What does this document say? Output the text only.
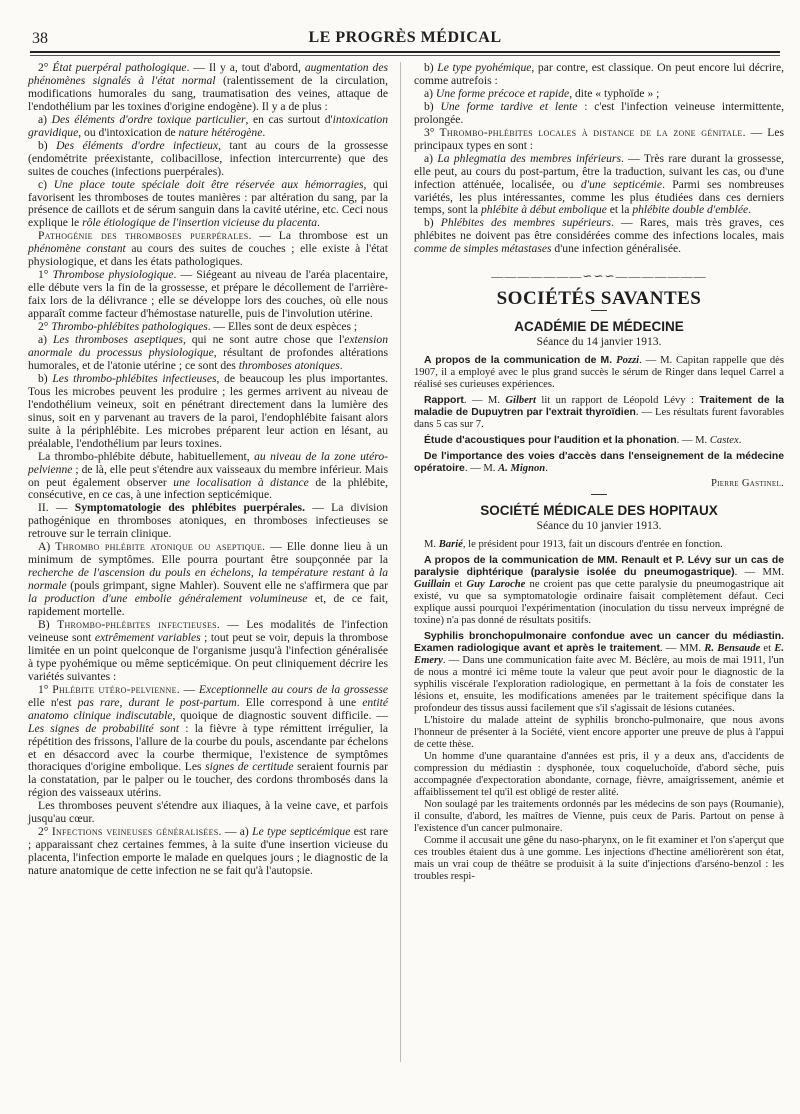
38	LE PROGRÈS MÉDICAL

2° État puerpéral pathologique. — Il y a, tout d'abord, augmentation des phénomènes signalés à l'état normal (ralentissement de la circulation, modifications humorales du sang, traumatisation des veines, attaque de l'endothélium par les toxines d'origine endogène). Il y a de plus :

a) Des éléments d'ordre toxique particulier, en cas surtout d'intoxication gravidique, ou d'intoxication de nature hétérogène.

b) Des éléments d'ordre infectieux, tant au cours de la grossesse (endométrite préexistante, colibacillose, infection intercurrente) que des suites de couches (infections puerpérales).

c) Une place toute spéciale doit être réservée aux hémorragies, qui favorisent les thromboses de toutes manières : par altération du sang, par la présence de caillots et de sérum sanguin dans la cavité utérine, etc. Ceci nous explique le rôle étiologique de l'insertion vicieuse du placenta.

Pathogénie des thromboses puerpérales. — La thrombose est un phénomène constant au cours des suites de couches ; elle existe à l'état physiologique, et dans les états pathologiques.

1° Thrombose physiologique. — Siégeant au niveau de l'aréa placentaire, elle débute vers la fin de la grossesse, et prépare le décollement de l'arrière-faix lors de la délivrance ; elle se développe lors des couches, où elle nous apparaît comme facteur d'hémostase naturelle, puis de l'involution utérine.

2° Thrombo-phlébites pathologiques. — Elles sont de deux espèces ;

a) Les thromboses aseptiques, qui ne sont autre chose que l'extension anormale du processus physiologique, résultant de profondes altérations humorales, et de l'atonie utérine ; ce sont des thromboses atoniques.

b) Les thrombo-phlébites infectieuses, de beaucoup les plus importantes. Tous les microbes peuvent les produire ; les germes arrivent au niveau de l'endothélium veineux, soit en pénétrant directement dans la lumière des sinus, soit en y parvenant au travers de la paroi, l'endophlébite faisant alors suite à la périphlébite. Les microbes préparent leur action en lésant, au préalable, l'endothélium par leurs toxines.

La thrombo-phlébite débute, habituellement, au niveau de la zone utéro-pelvienne ; de là, elle peut s'étendre aux vaisseaux du membre inférieur. Mais on peut également observer une localisation à distance de la phlébite, consécutive, en ce cas, à une infection septicémique.

II. — Symptomatologie des phlébites puerpérales. — La division pathogénique en thromboses atoniques, en thromboses infectieuses se retrouve sur le terrain clinique.

A) Thrombo phlébite atonique ou aseptique. — Elle donne lieu à un minimum de symptômes. Elle pourra pourtant être soupçonnée par la recherche de l'ascension du pouls en échelons, la température restant à la normale (pouls grimpant, signe Mahler). Souvent elle ne s'affirmera que par la production d'une embolie généralement volumineuse et, de ce fait, rapidement mortelle.

B) Thrombo-phlébites infectieuses. — Les modalités de l'infection veineuse sont extrêmement variables ; tout peut se voir, depuis la thrombose limitée en un point quelconque de l'organisme jusqu'à l'infection généralisée à type pyohémique ou même septicémique. On peut cliniquement décrire les variétés suivantes :

1° Phlébite utéro-pelvienne. — Exceptionnelle au cours de la grossesse elle n'est pas rare, durant le post-partum. Elle correspond à une entité anatomo clinique indiscutable, quoique de diagnostic souvent difficile. — Les signes de probabilité sont : la fièvre à type rémittent irrégulier, la répétition des frissons, l'allure de la courbe du pouls, ascendante par échelons et en désaccord avec la courbe thermique, l'existence de symptômes thoraciques d'origine embolique. Les signes de certitude seraient fournis par la constatation, par le palper ou le toucher, des cordons thrombosés dans la région des vaisseaux utérins.

Les thromboses peuvent s'étendre aux iliaques, à la veine cave, et parfois jusqu'au cœur.

2° Infections veineuses généralisées. — a) Le type septicémique est rare ; apparaissant chez certaines femmes, à la suite d'une insertion vicieuse du placenta, l'infection emporte le malade en quelques jours ; le diagnostic de la nature anatomique de cette infection ne se fait qu'à l'autopsie.

b) Le type pyohémique, par contre, est classique. On peut encore lui décrire, comme autrefois :

a) Une forme précoce et rapide, dite « typhoïde » ;

b) Une forme tardive et lente : c'est l'infection veineuse intermittente, prolongée.

3° Thrombo-phlébites locales à distance de la zone génitale. — Les principaux types en sont :

a) La phlegmatia des membres inférieurs. — Très rare durant la grossesse, elle peut, au cours du post-partum, être la traduction, suivant les cas, ou d'une infection atténuée, localisée, ou d'une septicémie. Parmi ses nombreuses variétés, les plus intéressantes, comme les plus étudiées dans ces derniers temps, sont la phlébite à début embolique et la phlébite double d'emblée.

b) Phlébites des membres supérieurs. — Rares, mais très graves, ces phlébites ne doivent pas être considérées comme des infections locales, mais comme de simples métastases d'une infection généralisée.

———————∽∽∽———————
SOCIÉTÉS SAVANTES
ACADÉMIE DE MÉDECINE
Séance du 14 janvier 1913.

A propos de la communication de M. Pozzi. — M. Capitan rappelle que dès 1907, il a employé avec le plus grand succès le sérum de Ringer dans lequel Carrel a réalisé ses curieuses expériences.

Rapport. — M. Gilbert lit un rapport de Léopold Lévy : Traitement de la maladie de Dupuytren par l'extrait thyroïdien. — Les résultats furent favorables dans 5 cas sur 7.

Étude d'acoustiques pour l'audition et la phonation. — M. Castex.

De l'importance des voies d'accès dans l'enseignement de la médecine opératoire. — M. A. Mignon.

Pierre Gastinel.
SOCIÉTÉ MÉDICALE DES HOPITAUX
Séance du 10 janvier 1913.

M. Barié, le président pour 1913, fait un discours d'entrée en fonction.

A propos de la communication de MM. Renault et P. Lévy sur un cas de paralysie diphtérique (paralysie isolée du pneumogastrique). — MM. Guillain et Guy Laroche ne croient pas que cette paralysie du pneumogastrique ait existé, vu que sa symptomatologie ordinaire faisait complètement défaut. Ceci explique aussi pourquoi l'expérimentation (inoculation du tissu nerveux imprégné de toxine) n'a pas donné de résultats positifs.

Syphilis bronchopulmonaire confondue avec un cancer du médiastin. Examen radiologique avant et après le traitement. — MM. R. Bensaude et E. Emery. — Dans une communication faite avec M. Béclère, au mois de mai 1911, l'un de nous a montré ici même toute la valeur que peut avoir pour le diagnostic de la syphilis viscérale l'exploration radiologique, en permettant à la fois de constater les lésions et, ensuite, les modifications amenées par le traitement spécifique dans la profondeur des tissus aussi facilement que s'il s'agissait de lésions cutanées.

L'histoire du malade atteint de syphilis broncho-pulmonaire, que nous avons l'honneur de présenter à la Société, vient encore apporter une preuve de plus à l'appui de cette thèse.

Un homme d'une quarantaine d'années est pris, il y a deux ans, d'accidents de compression du médiastin : dysphonée, toux coqueluchoïde, d'abord sèche, puis accompagnée d'expectoration abondante, cornage, fièvre, amaigrissement, anémie et affaiblissement tel qu'il est obligé de rester alité.

Non soulagé par les traitements ordonnés par les médecins de son pays (Roumanie), il consulte, d'abord, les maîtres de Vienne, puis ceux de Paris. Partout on pense à l'existence d'un cancer pulmonaire.

Comme il accusait une gêne du naso-pharynx, on le fit examiner et l'on s'aperçut que ces troubles étaient dus à une gomme. Les injections d'hectine améliorèrent son état, mais un vrai coup de théâtre se produisit à la suite d'injections d'arséno-benzol : les troubles respi-
